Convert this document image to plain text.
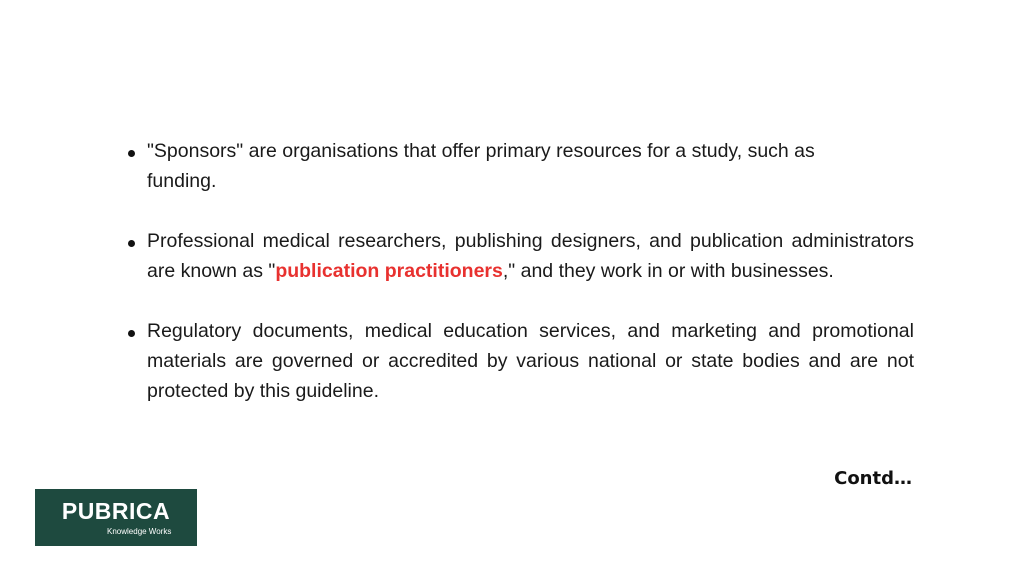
"Sponsors" are organisations that offer primary resources for a study, such as funding.
Professional medical researchers, publishing designers, and publication administrators are known as "publication practitioners," and they work in or with businesses.
Regulatory documents, medical education services, and marketing and promotional materials are governed or accredited by various national or state bodies and are not protected by this guideline.
Contd…
PUBRICA
Knowledge Works
